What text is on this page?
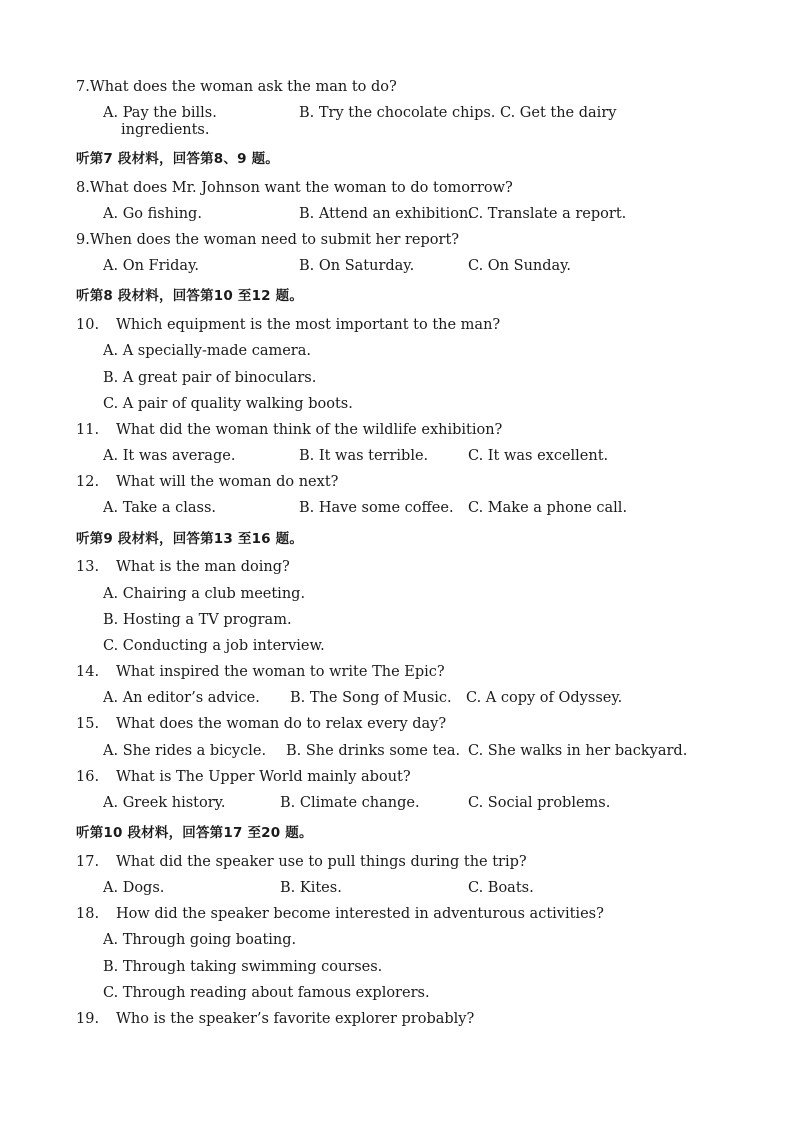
7.What does the woman ask the man to do?
A. Pay the bills.	B. Try the chocolate chips. C. Get the dairy
ingredients.
听第7 段材料，回答第8、9 题。
8.What does Mr. Johnson want the woman to do tomorrow?
A. Go fishing.	B. Attend an exhibition.
C. Translate a report.
9.When does the woman need to submit her report?
A. On Friday.	B. On Saturday.	C. On Sunday.
听第8 段材料，回答第10 至12 题。
10. Which equipment is the most important to the man?
A. A specially-made camera.
B. A great pair of binoculars.
C. A pair of quality walking boots.
11. What did the woman think of the wildlife exhibition?
A. It was average.	B. It was terrible.	C. It was excellent.
12. What will the woman do next?
A. Take a class.	B. Have some coffee. C. Make a phone call.
听第9 段材料，回答第13 至16 题。
13. What is the man doing?
A. Chairing a club meeting.
B. Hosting a TV program.
C. Conducting a job interview.
14. What inspired the woman to write The Epic?
A. An editor’s advice. B. The Song of Music. C. A copy of Odyssey.
15. What does the woman do to relax every day?
A. She rides a bicycle. B. She drinks some tea. C. She walks in her backyard.
16. What is The Upper World mainly about?
A. Greek history.	B. Climate change.	C. Social problems.
听第10 段材料，回答第17 至20 题。
17. What did the speaker use to pull things during the trip?
A. Dogs.	B. Kites.	C. Boats.
18. How did the speaker become interested in adventurous activities?
A. Through going boating.
B. Through taking swimming courses.
C. Through reading about famous explorers.
19. Who is the speaker’s favorite explorer probably?
